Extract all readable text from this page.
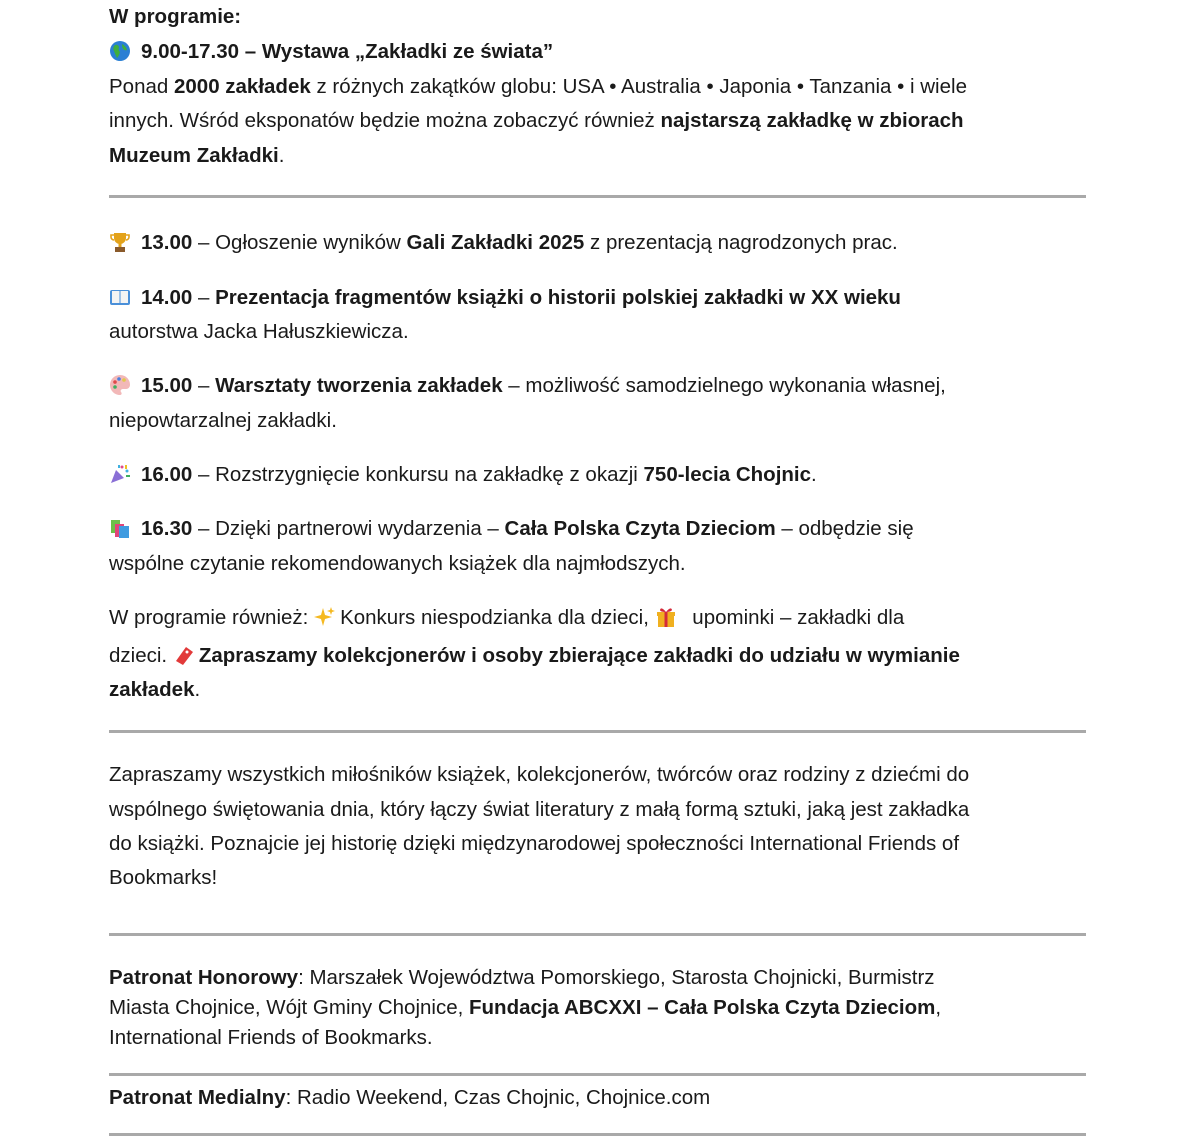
W programie:
9.00-17.30 – Wystawa „Zakładki ze świata”
Ponad 2000 zakładek z różnych zakątków globu: USA • Australia • Japonia • Tanzania • i wiele
innych. Wśród eksponatów będzie można zobaczyć również najstarszą zakładkę w zbiorach
Muzeum Zakładki.
13.00 – Ogłoszenie wyników Gali Zakładki 2025 z prezentacją nagrodzonych prac.
14.00 – Prezentacja fragmentów książki o historii polskiej zakładki w XX wieku
autorstwa Jacka Hałuszkiewicza.
15.00 – Warsztaty tworzenia zakładek – możliwość samodzielnego wykonania własnej,
niepowtarzalnej zakładki.
16.00 – Rozstrzygnięcie konkursu na zakładkę z okazji 750-lecia Chojnic.
16.30 – Dzięki partnerowi wydarzenia – Cała Polska Czyta Dzieciom – odbędzie się
wspólne czytanie rekomendowanych książek dla najmłodszych.
W programie również: Konkurs niespodzianka dla dzieci,  upominki – zakładki dla
dzieci. Zapraszamy kolekcjonerów i osoby zbierające zakładki do udziału w wymianie
zakładek.
Zapraszamy wszystkich miłośników książek, kolekcjonerów, twórców oraz rodziny z dziećmi do
wspólnego świętowania dnia, który łączy świat literatury z małą formą sztuki, jaką jest zakładka
do książki. Poznajcie jej historię dzięki międzynarodowej społeczności International Friends of
Bookmarks!
Patronat Honorowy: Marszałek Województwa Pomorskiego, Starosta Chojnicki, Burmistrz
Miasta Chojnice, Wójt Gminy Chojnice, Fundacja ABCXXI – Cała Polska Czyta Dzieciom,
International Friends of Bookmarks.
Patronat Medialny: Radio Weekend, Czas Chojnic, Chojnice.com
